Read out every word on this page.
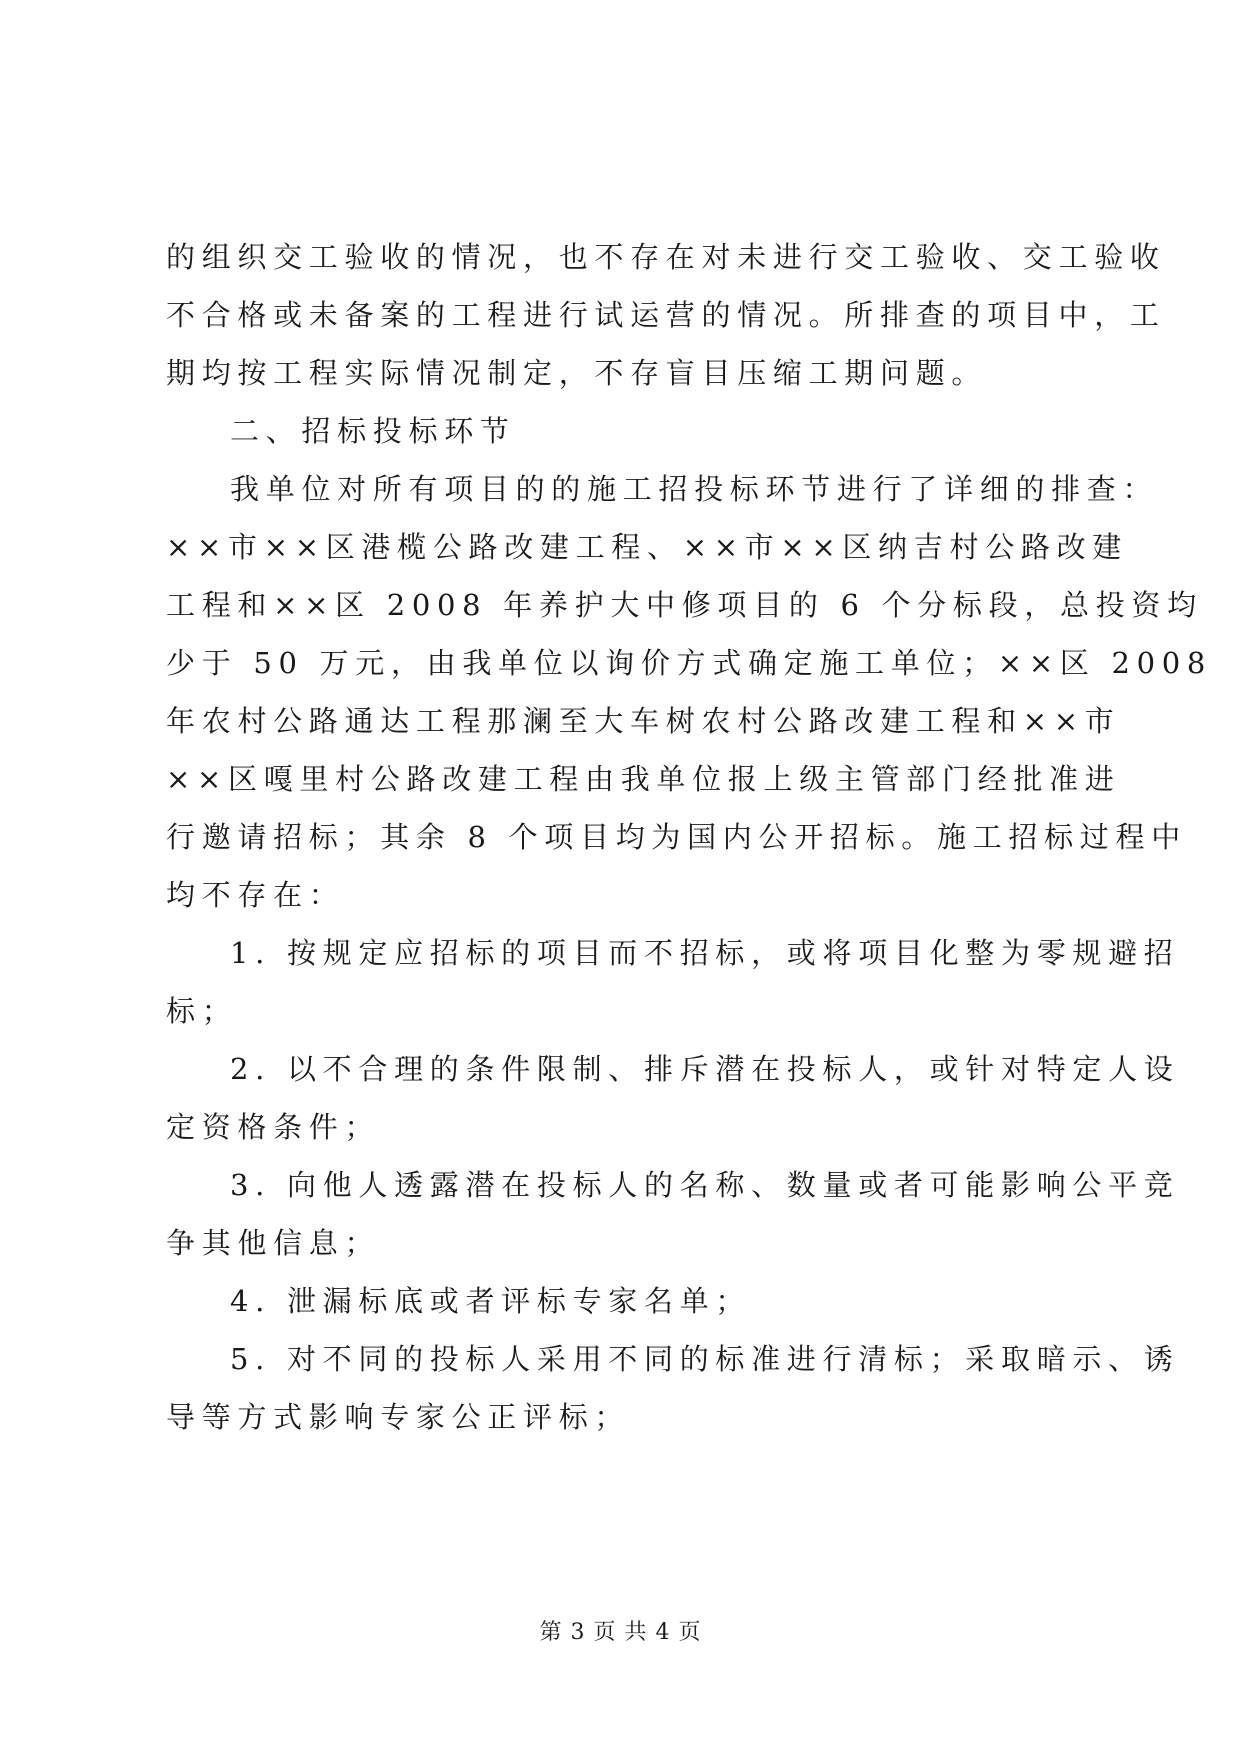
的组织交工验收的情况，也不存在对未进行交工验收、交工验收
不合格或未备案的工程进行试运营的情况。所排查的项目中，工
期均按工程实际情况制定，不存盲目压缩工期问题。
二、招标投标环节
我单位对所有项目的的施工招投标环节进行了详细的排查：
××市××区港榄公路改建工程、××市××区纳吉村公路改建
工程和××区 2008 年养护大中修项目的 6 个分标段，总投资均
少于 50 万元，由我单位以询价方式确定施工单位；××区 2008
年农村公路通达工程那澜至大车树农村公路改建工程和××市
××区嘎里村公路改建工程由我单位报上级主管部门经批准进
行邀请招标；其余 8 个项目均为国内公开招标。施工招标过程中
均不存在：
1. 按规定应招标的项目而不招标，或将项目化整为零规避招
标；
2. 以不合理的条件限制、排斥潜在投标人，或针对特定人设
定资格条件；
3. 向他人透露潜在投标人的名称、数量或者可能影响公平竞
争其他信息；
4. 泄漏标底或者评标专家名单；
5. 对不同的投标人采用不同的标准进行清标；采取暗示、诱
导等方式影响专家公正评标；
第 3 页 共 4 页
